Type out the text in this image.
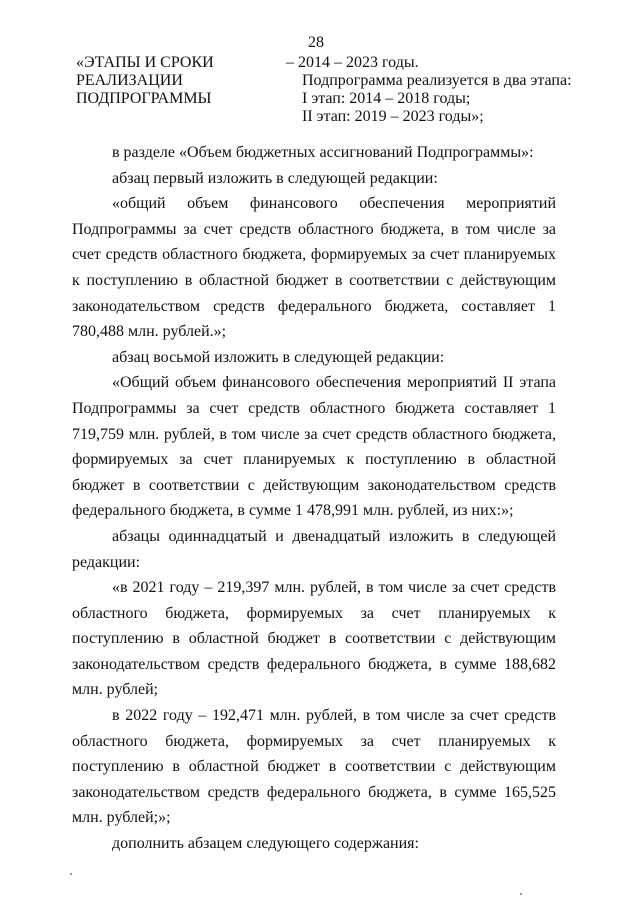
28
«ЭТАПЫ И СРОКИ
РЕАЛИЗАЦИИ
ПОДПРОГРАММЫ
– 2014 – 2023 годы.
Подпрограмма реализуется в два этапа:
I этап: 2014 – 2018 годы;
II этап: 2019 – 2023 годы»;

в разделе «Объем бюджетных ассигнований Подпрограммы»:

абзац первый изложить в следующей редакции:

«общий объем финансового обеспечения мероприятий Подпрограммы за счет средств областного бюджета, в том числе за счет средств областного бюджета, формируемых за счет планируемых к поступлению в областной бюджет в соответствии с действующим законодательством средств федерального бюджета, составляет 1 780,488 млн. рублей.»;

абзац восьмой изложить в следующей редакции:

«Общий объем финансового обеспечения мероприятий II этапа Подпрограммы за счет средств областного бюджета составляет 1 719,759 млн. рублей, в том числе за счет средств областного бюджета, формируемых за счет планируемых к поступлению в областной бюджет в соответствии с действующим законодательством средств федерального бюджета, в сумме 1 478,991 млн. рублей, из них:»;

абзацы одиннадцатый и двенадцатый изложить в следующей редакции:

«в 2021 году – 219,397 млн. рублей, в том числе за счет средств областного бюджета, формируемых за счет планируемых к поступлению в областной бюджет в соответствии с действующим законодательством средств федерального бюджета, в сумме 188,682 млн. рублей;

в 2022 году – 192,471 млн. рублей, в том числе за счет средств областного бюджета, формируемых за счет планируемых к поступлению в областной бюджет в соответствии с действующим законодательством средств федерального бюджета, в сумме 165,525 млн. рублей;»;

дополнить абзацем следующего содержания:
